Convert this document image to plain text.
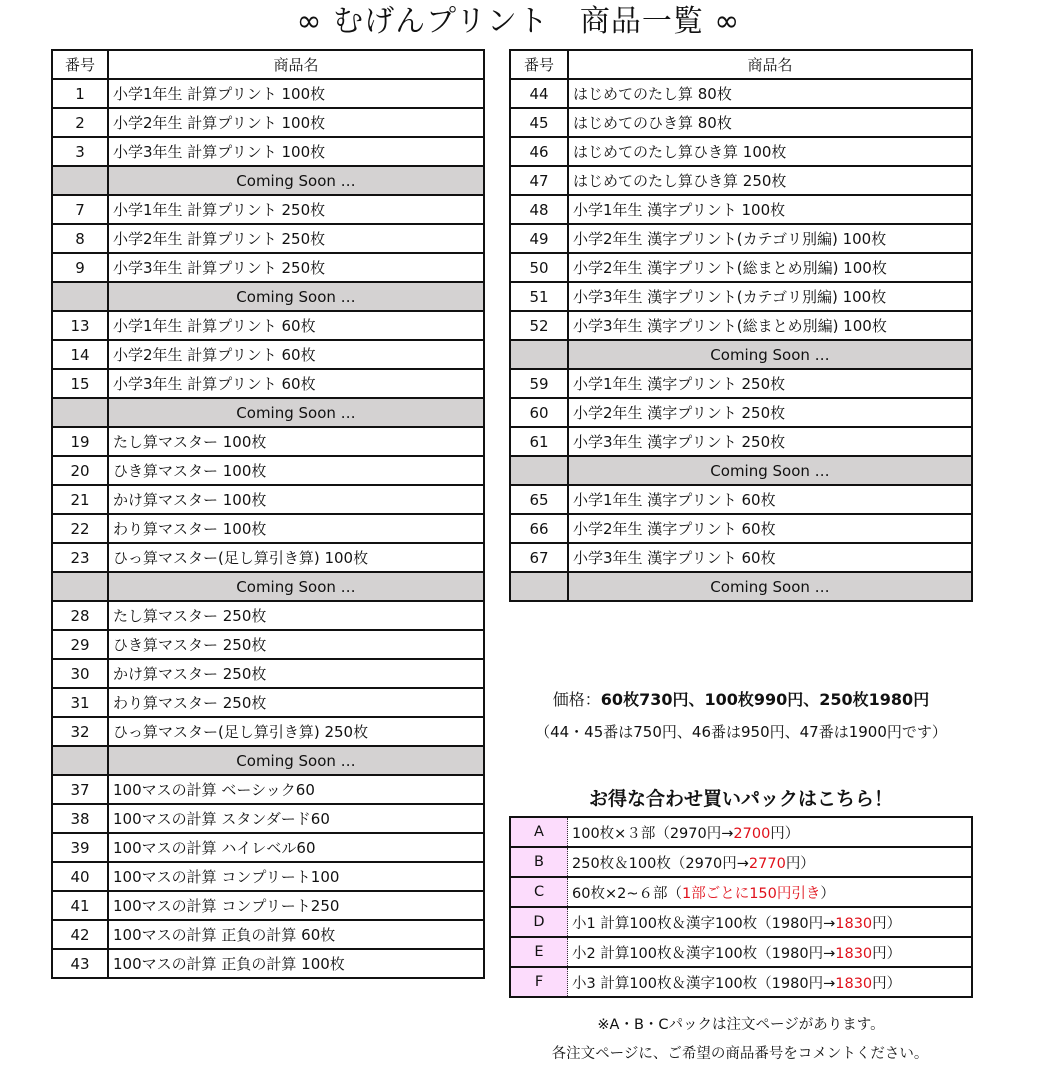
∞ むげんプリント　商品一覧 ∞
番号	商品名
1	小学1年生 計算プリント 100枚
2	小学2年生 計算プリント 100枚
3	小学3年生 計算プリント 100枚
	Coming Soon …
7	小学1年生 計算プリント 250枚
8	小学2年生 計算プリント 250枚
9	小学3年生 計算プリント 250枚
	Coming Soon …
13	小学1年生 計算プリント 60枚
14	小学2年生 計算プリント 60枚
15	小学3年生 計算プリント 60枚
	Coming Soon …
19	たし算マスター 100枚
20	ひき算マスター 100枚
21	かけ算マスター 100枚
22	わり算マスター 100枚
23	ひっ算マスター(足し算引き算) 100枚
	Coming Soon …
28	たし算マスター 250枚
29	ひき算マスター 250枚
30	かけ算マスター 250枚
31	わり算マスター 250枚
32	ひっ算マスター(足し算引き算) 250枚
	Coming Soon …
37	100マスの計算 ベーシック60
38	100マスの計算 スタンダード60
39	100マスの計算 ハイレベル60
40	100マスの計算 コンプリート100
41	100マスの計算 コンプリート250
42	100マスの計算 正負の計算 60枚
43	100マスの計算 正負の計算 100枚
番号	商品名
44	はじめてのたし算 80枚
45	はじめてのひき算 80枚
46	はじめてのたし算ひき算 100枚
47	はじめてのたし算ひき算 250枚
48	小学1年生 漢字プリント 100枚
49	小学2年生 漢字プリント(カテゴリ別編) 100枚
50	小学2年生 漢字プリント(総まとめ別編) 100枚
51	小学3年生 漢字プリント(カテゴリ別編) 100枚
52	小学3年生 漢字プリント(総まとめ別編) 100枚
	Coming Soon …
59	小学1年生 漢字プリント 250枚
60	小学2年生 漢字プリント 250枚
61	小学3年生 漢字プリント 250枚
	Coming Soon …
65	小学1年生 漢字プリント 60枚
66	小学2年生 漢字プリント 60枚
67	小学3年生 漢字プリント 60枚
	Coming Soon …
価格：60枚730円、100枚990円、250枚1980円
（44・45番は750円、46番は950円、47番は1900円です）
お得な合わせ買いパックはこちら！
A	100枚×３部（2970円→2700円）
B	250枚＆100枚（2970円→2770円）
C	60枚×2~６部（1部ごとに150円引き）
D	小1 計算100枚＆漢字100枚（1980円→1830円）
E	小2 計算100枚＆漢字100枚（1980円→1830円）
F	小3 計算100枚＆漢字100枚（1980円→1830円）
※A・B・Cパックは注文ページがあります。
各注文ページに、ご希望の商品番号をコメントください。
